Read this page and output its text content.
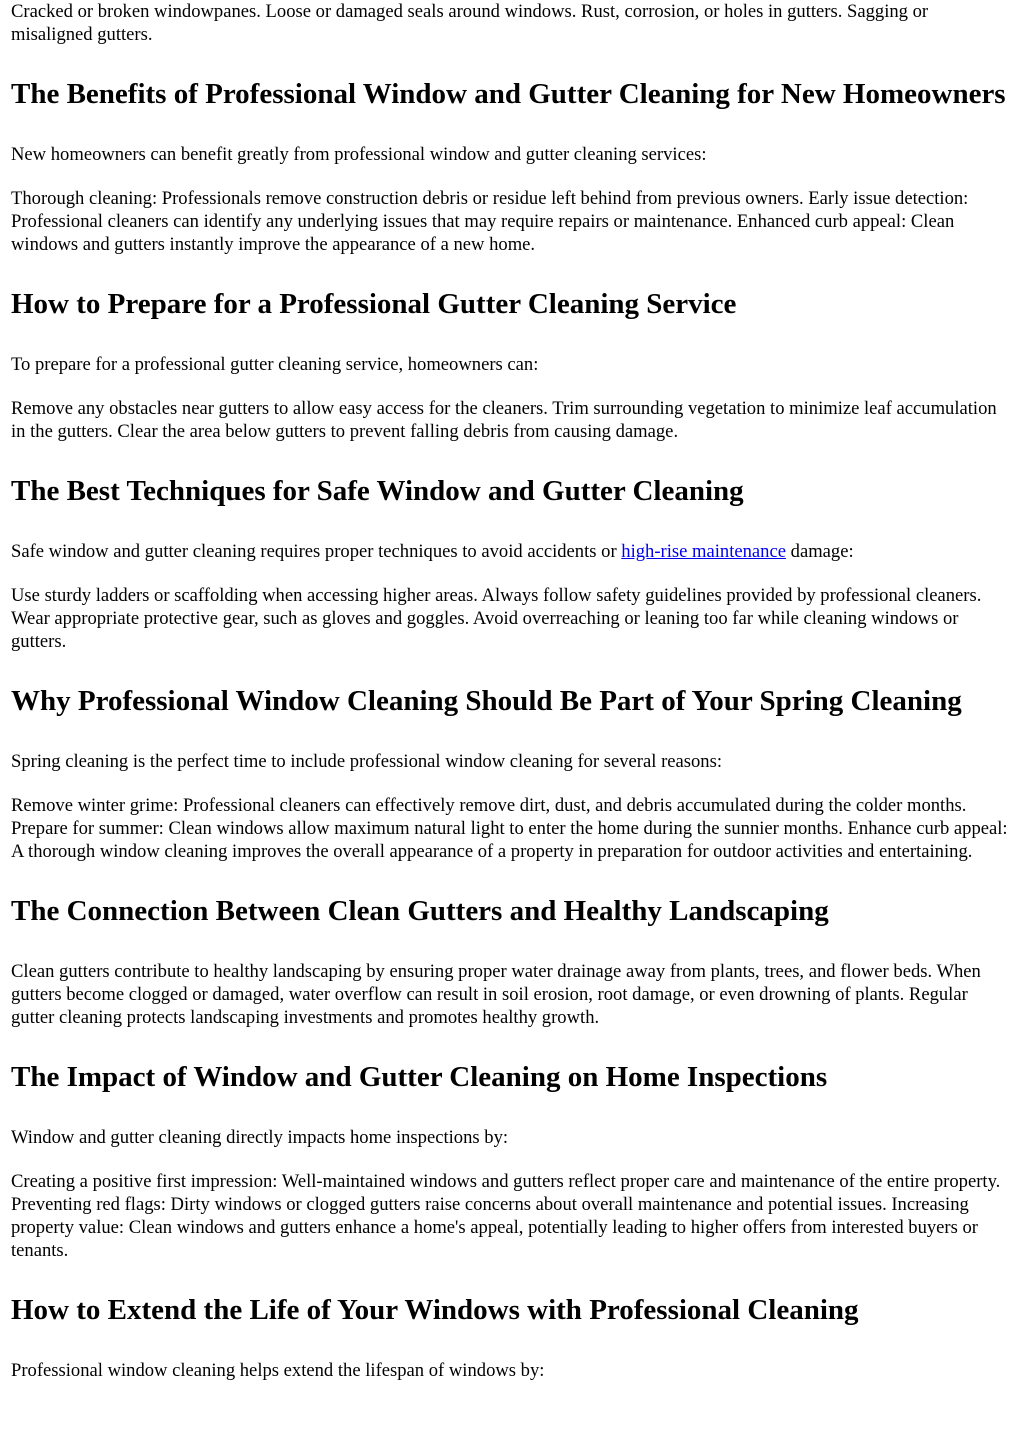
Cracked or broken windowpanes. Loose or damaged seals around windows. Rust, corrosion, or holes in gutters. Sagging or misaligned gutters.

The Benefits of Professional Window and Gutter Cleaning for New Homeowners

New homeowners can benefit greatly from professional window and gutter cleaning services:

Thorough cleaning: Professionals remove construction debris or residue left behind from previous owners. Early issue detection: Professional cleaners can identify any underlying issues that may require repairs or maintenance. Enhanced curb appeal: Clean windows and gutters instantly improve the appearance of a new home.

How to Prepare for a Professional Gutter Cleaning Service

To prepare for a professional gutter cleaning service, homeowners can:

Remove any obstacles near gutters to allow easy access for the cleaners. Trim surrounding vegetation to minimize leaf accumulation in the gutters. Clear the area below gutters to prevent falling debris from causing damage.

The Best Techniques for Safe Window and Gutter Cleaning

Safe window and gutter cleaning requires proper techniques to avoid accidents or high-rise maintenance damage:

Use sturdy ladders or scaffolding when accessing higher areas. Always follow safety guidelines provided by professional cleaners. Wear appropriate protective gear, such as gloves and goggles. Avoid overreaching or leaning too far while cleaning windows or gutters.

Why Professional Window Cleaning Should Be Part of Your Spring Cleaning

Spring cleaning is the perfect time to include professional window cleaning for several reasons:

Remove winter grime: Professional cleaners can effectively remove dirt, dust, and debris accumulated during the colder months. Prepare for summer: Clean windows allow maximum natural light to enter the home during the sunnier months. Enhance curb appeal: A thorough window cleaning improves the overall appearance of a property in preparation for outdoor activities and entertaining.

The Connection Between Clean Gutters and Healthy Landscaping

Clean gutters contribute to healthy landscaping by ensuring proper water drainage away from plants, trees, and flower beds. When gutters become clogged or damaged, water overflow can result in soil erosion, root damage, or even drowning of plants. Regular gutter cleaning protects landscaping investments and promotes healthy growth.

The Impact of Window and Gutter Cleaning on Home Inspections

Window and gutter cleaning directly impacts home inspections by:

Creating a positive first impression: Well-maintained windows and gutters reflect proper care and maintenance of the entire property. Preventing red flags: Dirty windows or clogged gutters raise concerns about overall maintenance and potential issues. Increasing property value: Clean windows and gutters enhance a home's appeal, potentially leading to higher offers from interested buyers or tenants.

How to Extend the Life of Your Windows with Professional Cleaning

Professional window cleaning helps extend the lifespan of windows by:
